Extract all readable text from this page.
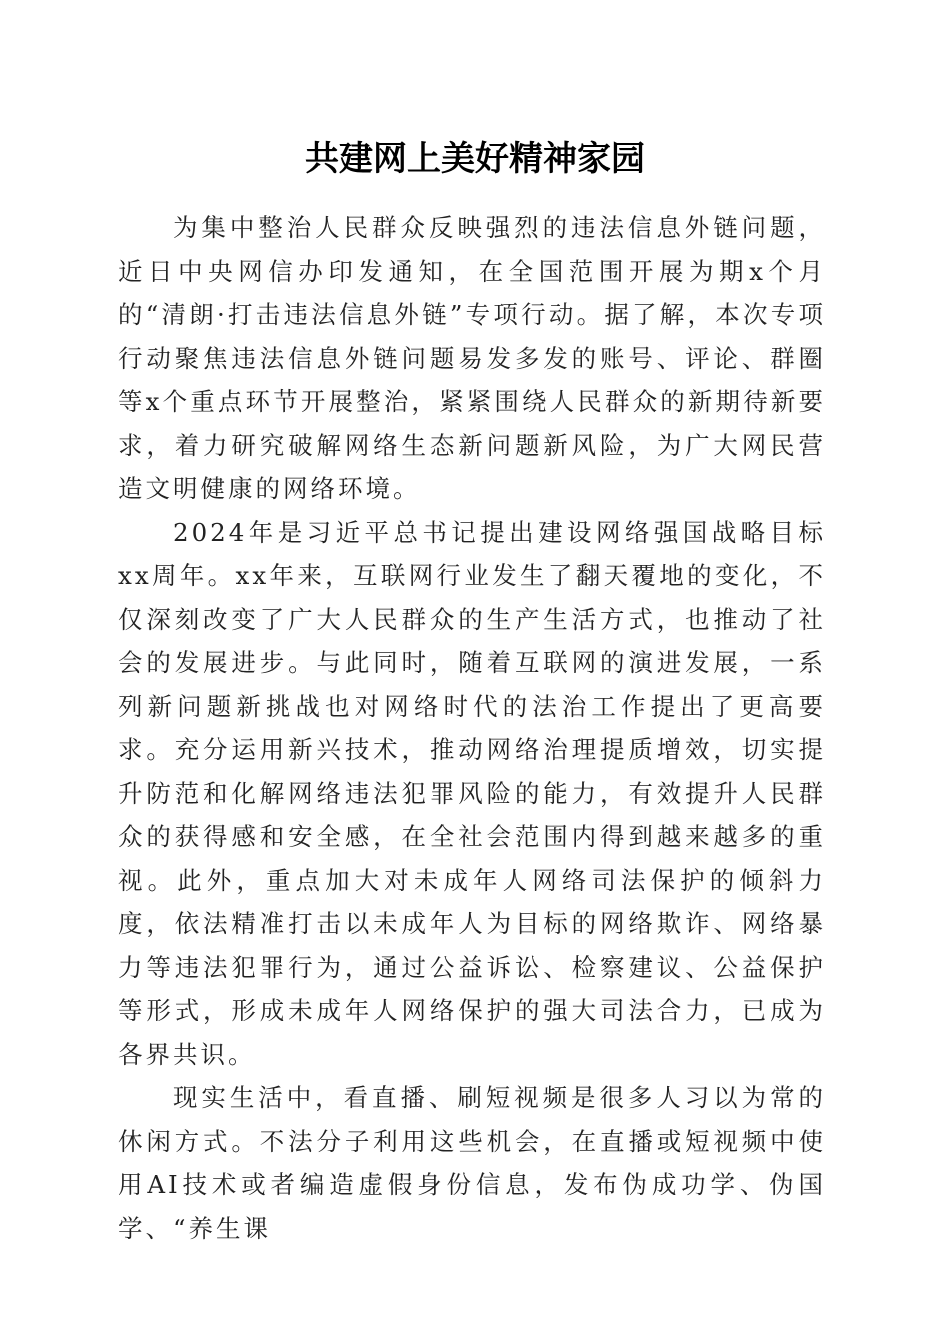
共建网上美好精神家园

为集中整治人民群众反映强烈的违法信息外链问题，近日中央网信办印发通知，在全国范围开展为期x个月的“清朗·打击违法信息外链”专项行动。据了解，本次专项行动聚焦违法信息外链问题易发多发的账号、评论、群圈等x个重点环节开展整治，紧紧围绕人民群众的新期待新要求，着力研究破解网络生态新问题新风险，为广大网民营造文明健康的网络环境。

2024年是习近平总书记提出建设网络强国战略目标xx周年。xx年来，互联网行业发生了翻天覆地的变化，不仅深刻改变了广大人民群众的生产生活方式，也推动了社会的发展进步。与此同时，随着互联网的演进发展，一系列新问题新挑战也对网络时代的法治工作提出了更高要求。充分运用新兴技术，推动网络治理提质增效，切实提升防范和化解网络违法犯罪风险的能力，有效提升人民群众的获得感和安全感，在全社会范围内得到越来越多的重视。此外，重点加大对未成年人网络司法保护的倾斜力度，依法精准打击以未成年人为目标的网络欺诈、网络暴力等违法犯罪行为，通过公益诉讼、检察建议、公益保护等形式，形成未成年人网络保护的强大司法合力，已成为各界共识。

现实生活中，看直播、刷短视频是很多人习以为常的休闲方式。不法分子利用这些机会，在直播或短视频中使用AI技术或者编造虚假身份信息，发布伪成功学、伪国学、“养生课
